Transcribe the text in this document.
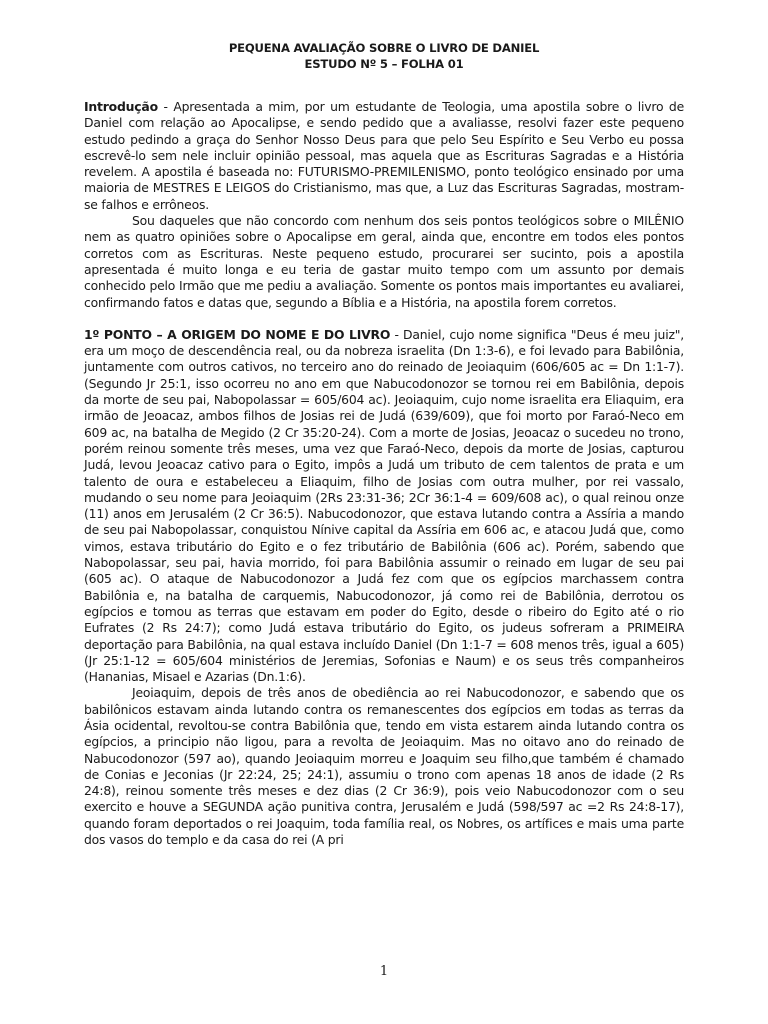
PEQUENA AVALIAÇÃO SOBRE O LIVRO DE DANIEL

ESTUDO Nº 5 – FOLHA 01

Introdução - Apresentada a mim, por um estudante de Teologia, uma apostila sobre o livro de Daniel com relação ao Apocalipse, e sendo pedido que a avaliasse, resolvi fazer este pequeno estudo pedindo a graça do Senhor Nosso Deus para que pelo Seu Espírito e Seu Verbo eu possa escrevê-lo sem nele incluir opinião pessoal, mas aquela que as Escrituras Sagradas e a História revelem. A apostila é baseada no: FUTURISMO-PREMILENISMO, ponto teológico ensinado por uma maioria de MESTRES E LEIGOS do Cristianismo, mas que, a Luz das Escrituras Sagradas, mostram-se falhos e errôneos.

Sou daqueles que não concordo com nenhum dos seis pontos teológicos sobre o MILÊNIO nem as quatro opiniões sobre o Apocalipse em geral, ainda que, encontre em todos eles pontos corretos com as Escrituras. Neste pequeno estudo, procurarei ser sucinto, pois a apostila apresentada é muito longa e eu teria de gastar muito tempo com um assunto por demais conhecido pelo Irmão que me pediu a avaliação. Somente os pontos mais importantes eu avaliarei, confirmando fatos e datas que, segundo a Bíblia e a História, na apostila forem corretos.

1º PONTO – A ORIGEM DO NOME E DO LIVRO - Daniel, cujo nome significa "Deus é meu juiz", era um moço de descendência real, ou da nobreza israelita (Dn 1:3-6), e foi levado para Babilônia, juntamente com outros cativos, no terceiro ano do reinado de Jeoiaquim (606/605 ac = Dn 1:1-7). (Segundo Jr 25:1, isso ocorreu no ano em que Nabucodonozor se tornou rei em Babilônia, depois da morte de seu pai, Nabopolassar = 605/604 ac). Jeoiaquim, cujo nome israelita era Eliaquim, era irmão de Jeoacaz, ambos filhos de Josias rei de Judá (639/609), que foi morto por Faraó-Neco em 609 ac, na batalha de Megido (2 Cr 35:20-24). Com a morte de Josias, Jeoacaz o sucedeu no trono, porém reinou somente três meses, uma vez que Faraó-Neco, depois da morte de Josias, capturou Judá, levou Jeoacaz cativo para o Egito, impôs a Judá um tributo de cem talentos de prata e um talento de oura e estabeleceu a Eliaquim, filho de Josias com outra mulher, por rei vassalo, mudando o seu nome para Jeoiaquim (2Rs 23:31-36; 2Cr 36:1-4 = 609/608 ac), o qual reinou onze (11) anos em Jerusalém (2 Cr 36:5). Nabucodonozor, que estava lutando contra a Assíria a mando de seu pai Nabopolassar, conquistou Nínive capital da Assíria em 606 ac, e atacou Judá que, como vimos, estava tributário do Egito e o fez tributário de Babilônia (606 ac). Porém, sabendo que Nabopolassar, seu pai, havia morrido, foi para Babilônia assumir o reinado em lugar de seu pai (605 ac). O ataque de Nabucodonozor a Judá fez com que os egípcios marchassem contra Babilônia e, na batalha de carquemis, Nabucodonozor, já como rei de Babilônia, derrotou os egípcios e tomou as terras que estavam em poder do Egito, desde o ribeiro do Egito até o rio Eufrates (2 Rs 24:7); como Judá estava tributário do Egito, os judeus sofreram a PRIMEIRA deportação para Babilônia, na qual estava incluído Daniel (Dn 1:1-7 = 608 menos três, igual a 605) (Jr 25:1-12 = 605/604 ministérios de Jeremias, Sofonias e Naum) e os seus três companheiros (Hananias, Misael e Azarias (Dn.1:6).

Jeoiaquim, depois de três anos de obediência ao rei Nabucodonozor, e sabendo que os babilônicos estavam ainda lutando contra os remanescentes dos egípcios em todas as terras da Ásia ocidental, revoltou-se contra Babilônia que, tendo em vista estarem ainda lutando contra os egípcios, a principio não ligou, para a revolta de Jeoiaquim. Mas no oitavo ano do reinado de Nabucodonozor (597 ao), quando Jeoiaquim morreu e Joaquim seu filho,que também é chamado de Conias e Jeconias (Jr 22:24, 25; 24:1), assumiu o trono com apenas 18 anos de idade (2 Rs 24:8), reinou somente três meses e dez dias (2 Cr 36:9), pois veio Nabucodonozor com o seu exercito e houve a SEGUNDA ação punitiva contra, Jerusalém e Judá (598/597 ac =2 Rs 24:8-17), quando foram deportados o rei Joaquim, toda família real, os Nobres, os artífices e mais uma parte dos vasos do templo e da casa do rei (A pri

1
